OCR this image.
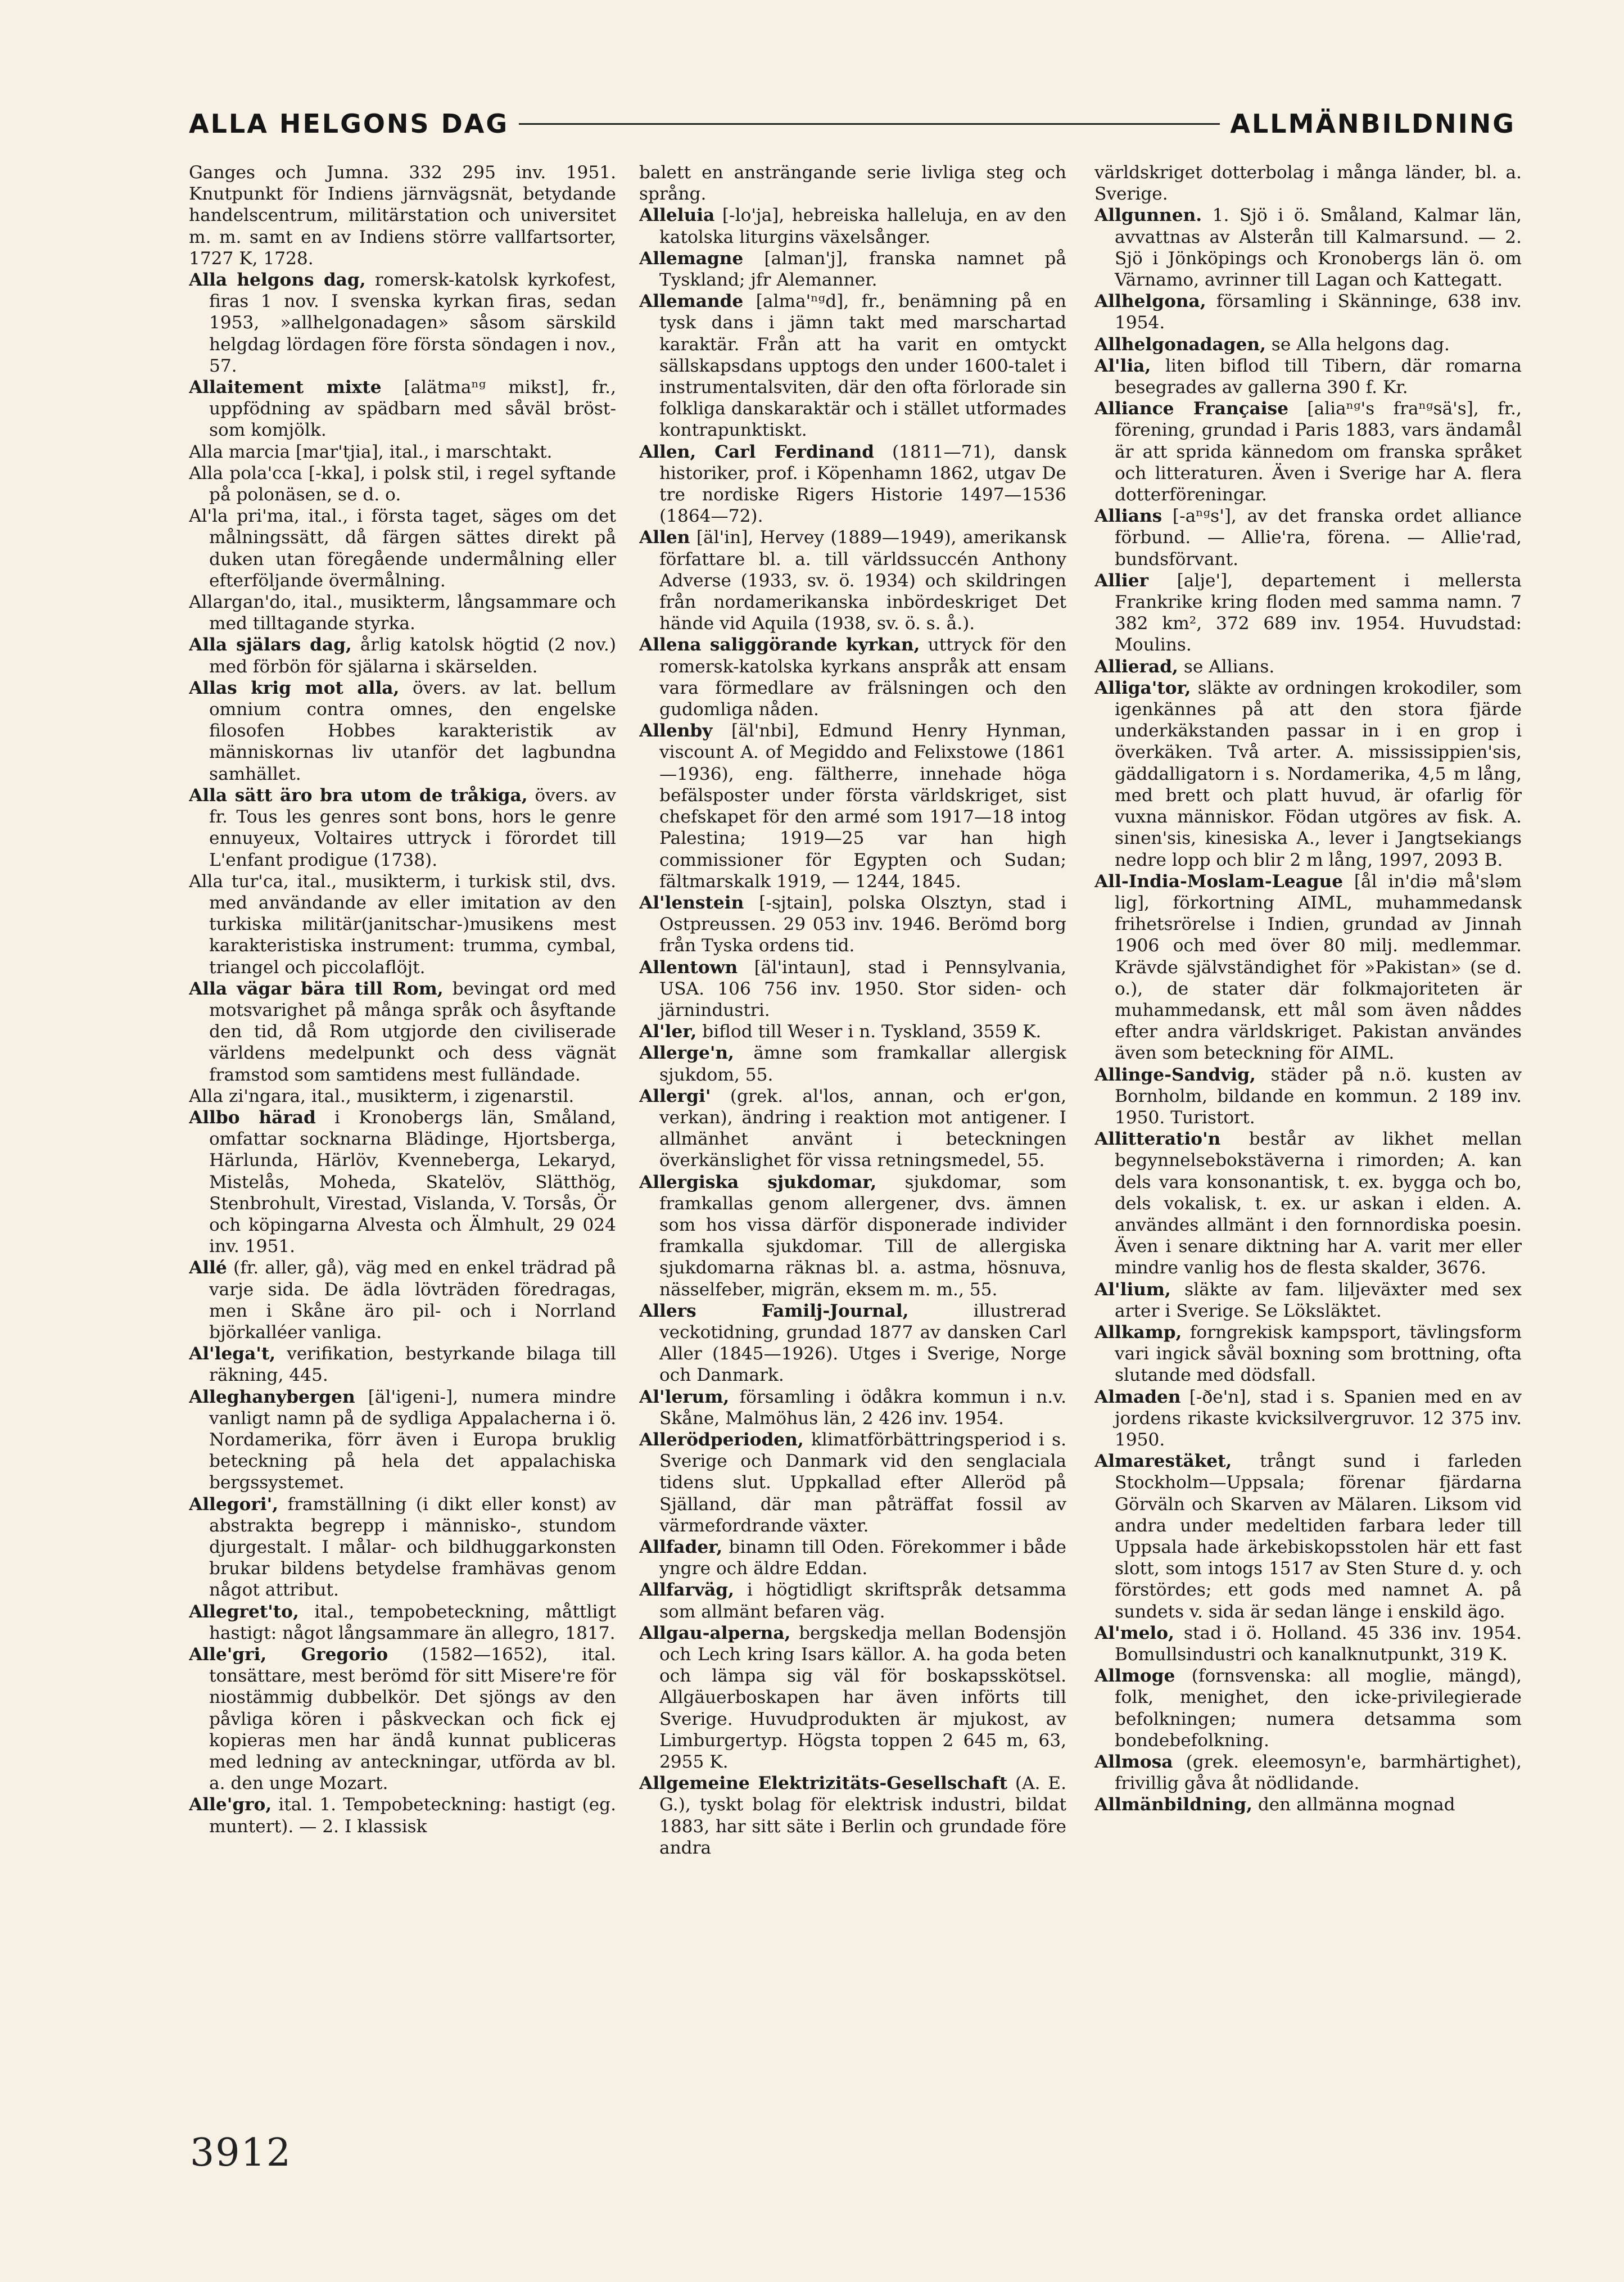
ALLA HELGONS DAG	ALLMÄNBILDNING

Ganges och Jumna. 332 295 inv. 1951. Knutpunkt för Indiens järnvägsnät, betydande handelscentrum, militärstation och universitet m. m. samt en av Indiens större vallfartsorter, 1727 K, 1728.

Alla helgons dag, romersk-katolsk kyrkofest, firas 1 nov. I svenska kyrkan firas, sedan 1953, »allhelgonadagen» såsom särskild helgdag lördagen före första söndagen i nov., 57.

Allaitement mixte [alätmaⁿᵍ mikst], fr., uppfödning av spädbarn med såväl bröst- som komjölk.

Alla marcia [mar'tjia], ital., i marschtakt.

Alla pola'cca [-kka], i polsk stil, i regel syftande på polonäsen, se d. o.

Al'la pri'ma, ital., i första taget, säges om det målningssätt, då färgen sättes direkt på duken utan föregående undermålning eller efterföljande övermålning.

Allargan'do, ital., musikterm, långsammare och med tilltagande styrka.

Alla själars dag, årlig katolsk högtid (2 nov.) med förbön för själarna i skärselden.

Allas krig mot alla, övers. av lat. bellum omnium contra omnes, den engelske filosofen Hobbes karakteristik av människornas liv utanför det lagbundna samhället.

Alla sätt äro bra utom de tråkiga, övers. av fr. Tous les genres sont bons, hors le genre ennuyeux, Voltaires uttryck i förordet till L'enfant prodigue (1738).

Alla tur'ca, ital., musikterm, i turkisk stil, dvs. med användande av eller imitation av den turkiska militär(janitschar-)musikens mest karakteristiska instrument: trumma, cymbal, triangel och piccolaflöjt.

Alla vägar bära till Rom, bevingat ord med motsvarighet på många språk och åsyftande den tid, då Rom utgjorde den civiliserade världens medelpunkt och dess vägnät framstod som samtidens mest fulländade.

Alla zi'ngara, ital., musikterm, i zigenarstil.

Allbo härad i Kronobergs län, Småland, omfattar socknarna Blädinge, Hjortsberga, Härlunda, Härlöv, Kvenneberga, Lekaryd, Mistelås, Moheda, Skatelöv, Slätthög, Stenbrohult, Virestad, Vislanda, V. Torsås, Ör och köpingarna Alvesta och Älmhult, 29 024 inv. 1951.

Allé (fr. aller, gå), väg med en enkel trädrad på varje sida. De ädla lövträden föredragas, men i Skåne äro pil- och i Norrland björkalléer vanliga.

Al'lega't, verifikation, bestyrkande bilaga till räkning, 445.

Alleghanybergen [äl'igeni-], numera mindre vanligt namn på de sydliga Appalacherna i ö. Nordamerika, förr även i Europa bruklig beteckning på hela det appalachiska bergssystemet.

Allegori', framställning (i dikt eller konst) av abstrakta begrepp i människo-, stundom djurgestalt. I målar- och bildhuggarkonsten brukar bildens betydelse framhävas genom något attribut.

Allegret'to, ital., tempobeteckning, måttligt hastigt: något långsammare än allegro, 1817.

Alle'gri, Gregorio (1582—1652), ital. tonsättare, mest berömd för sitt Misere're för niostämmig dubbelkör. Det sjöngs av den påvliga kören i påskveckan och fick ej kopieras men har ändå kunnat publiceras med ledning av anteckningar, utförda av bl. a. den unge Mozart.

Alle'gro, ital. 1. Tempobeteckning: hastigt (eg. muntert). — 2. I klassisk

balett en ansträngande serie livliga steg och språng.

Alleluia [-lo'ja], hebreiska halleluja, en av den katolska liturgins växelsånger.

Allemagne [alman'j], franska namnet på Tyskland; jfr Alemanner.

Allemande [alma'ⁿᵍd], fr., benämning på en tysk dans i jämn takt med marschartad karaktär. Från att ha varit en omtyckt sällskapsdans upptogs den under 1600-talet i instrumentalsviten, där den ofta förlorade sin folkliga danskaraktär och i stället utformades kontrapunktiskt.

Allen, Carl Ferdinand (1811—71), dansk historiker, prof. i Köpenhamn 1862, utgav De tre nordiske Rigers Historie 1497—1536 (1864—72).

Allen [äl'in], Hervey (1889—1949), amerikansk författare bl. a. till världssuccén Anthony Adverse (1933, sv. ö. 1934) och skildringen från nordamerikanska inbördeskriget Det hände vid Aquila (1938, sv. ö. s. å.).

Allena saliggörande kyrkan, uttryck för den romersk-katolska kyrkans anspråk att ensam vara förmedlare av frälsningen och den gudomliga nåden.

Allenby [äl'nbi], Edmund Henry Hynman, viscount A. of Megiddo and Felixstowe (1861—1936), eng. fältherre, innehade höga befälsposter under första världskriget, sist chefskapet för den armé som 1917—18 intog Palestina; 1919—25 var han high commissioner för Egypten och Sudan; fältmarskalk 1919, — 1244, 1845.

Al'lenstein [-sjtain], polska Olsztyn, stad i Ostpreussen. 29 053 inv. 1946. Berömd borg från Tyska ordens tid.

Allentown [äl'intaun], stad i Pennsylvania, USA. 106 756 inv. 1950. Stor siden- och järnindustri.

Al'ler, biflod till Weser i n. Tyskland, 3559 K.

Allerge'n, ämne som framkallar allergisk sjukdom, 55.

Allergi' (grek. al'los, annan, och er'gon, verkan), ändring i reaktion mot antigener. I allmänhet använt i beteckningen överkänslighet för vissa retningsmedel, 55.

Allergiska sjukdomar, sjukdomar, som framkallas genom allergener, dvs. ämnen som hos vissa därför disponerade individer framkalla sjukdomar. Till de allergiska sjukdomarna räknas bl. a. astma, hösnuva, nässelfeber, migrän, eksem m. m., 55.

Allers Familj-Journal,	illustrerad veckotidning, grundad 1877 av dansken Carl Aller (1845—1926). Utges i Sverige, Norge och Danmark.

Al'lerum, församling i ödåkra kommun i n.v. Skåne, Malmöhus län, 2 426 inv. 1954.

Allerödperioden, klimatförbättringsperiod i s. Sverige och Danmark vid den senglaciala tidens slut. Uppkallad efter Alleröd på Själland, där man påträffat fossil av värmefordrande växter.

Allfader, binamn till Oden. Förekommer i både yngre och äldre Eddan.

Allfarväg, i högtidligt skriftspråk detsamma som allmänt befaren väg.

Allgau-alperna, bergskedja mellan Bodensjön och Lech kring Isars källor. A. ha goda beten och lämpa sig väl för boskapsskötsel. Allgäuerboskapen har även införts till Sverige. Huvudprodukten är mjukost, av Limburgertyp. Högsta toppen 2 645 m, 63, 2955 K.

Allgemeine Elektrizitäts-Gesellschaft (A. E. G.), tyskt bolag för elektrisk industri, bildat 1883, har sitt säte i Berlin och grundade före andra

världskriget dotterbolag i många länder, bl. a. Sverige.

Allgunnen. 1. Sjö i ö. Småland, Kalmar län, avvattnas av Alsterån till Kalmarsund. — 2. Sjö i Jönköpings och Kronobergs län ö. om Värnamo, avrinner till Lagan och Kattegatt.

Allhelgona, församling i Skänninge, 638 inv. 1954.

Allhelgonadagen, se Alla helgons dag.

Al'lia, liten biflod till Tibern, där romarna besegrades av gallerna 390 f. Kr.

Alliance Française [aliaⁿᵍ's fraⁿᵍsä's], fr., förening, grundad i Paris 1883, vars ändamål är att sprida kännedom om franska språket och litteraturen. Även i Sverige har A. flera dotterföreningar.

Allians [-aⁿᵍs'], av det franska ordet alliance förbund. — Allie'ra, förena. — Allie'rad, bundsförvant.

Allier [alje'], departement i mellersta Frankrike kring floden med samma namn. 7 382 km², 372 689 inv. 1954. Huvudstad: Moulins.

Allierad, se Allians.

Alliga'tor, släkte av ordningen krokodiler, som igenkännes på att den stora fjärde underkäkstanden passar in i en grop i överkäken. Två arter. A. mississippien'sis, gäddalligatorn i s. Nordamerika, 4,5 m lång, med brett och platt huvud, är ofarlig för vuxna människor. Födan utgöres av fisk. A. sinen'sis, kinesiska A., lever i Jangtsekiangs nedre lopp och blir 2 m lång, 1997, 2093 B.

All-India-Moslam-League [ål in'diə må'sləm lig], förkortning AIML, muhammedansk frihetsrörelse i Indien, grundad av Jinnah 1906 och med över 80 milj. medlemmar. Krävde självständighet för »Pakistan» (se d. o.), de stater där folkmajoriteten är muhammedansk, ett mål som även nåddes efter andra världskriget. Pakistan användes även som beteckning för AIML.

Allinge-Sandvig, städer på n.ö. kusten av Bornholm, bildande en kommun. 2 189 inv. 1950. Turistort.

Allitteratio'n består av likhet mellan begynnelsebokstäverna i rimorden; A. kan dels vara konsonantisk, t. ex. bygga och bo, dels vokalisk, t. ex. ur askan i elden. A. användes allmänt i den fornnordiska poesin. Även i senare diktning har A. varit mer eller mindre vanlig hos de flesta skalder, 3676.

Al'lium, släkte av fam. liljeväxter med sex arter i Sverige. Se Löksläktet.

Allkamp, forngrekisk kampsport, tävlingsform vari ingick såväl boxning som brottning, ofta slutande med dödsfall.

Almaden [-ðe'n], stad i s. Spanien med en av jordens rikaste kvicksilvergruvor. 12 375 inv. 1950.

Almarestäket, trångt sund i farleden Stockholm—Uppsala; förenar fjärdarna Görväln och Skarven av Mälaren. Liksom vid andra under medeltiden farbara leder till Uppsala hade ärkebiskopsstolen här ett fast slott, som intogs 1517 av Sten Sture d. y. och förstördes; ett gods med namnet A. på sundets v. sida är sedan länge i enskild ägo.

Al'melo, stad i ö. Holland. 45 336 inv. 1954. Bomullsindustri och kanalknutpunkt, 319 K.

Allmoge (fornsvenska: all moglie, mängd), folk, menighet, den icke-privilegierade befolkningen; numera detsamma som bondebefolkning.

Allmosa (grek. eleemosyn'e, barmhärtighet), frivillig gåva åt nödlidande.

Allmänbildning, den allmänna mognad

3912
